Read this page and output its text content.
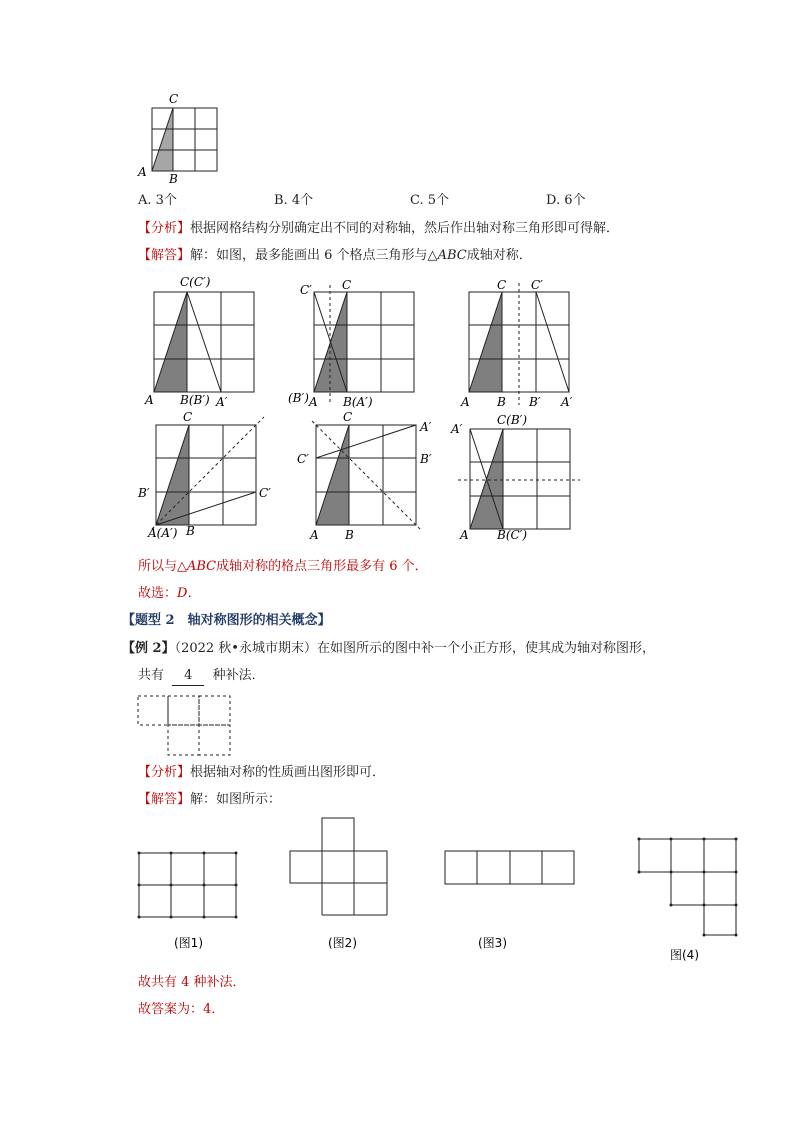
C
A B
A. 3个	B. 4个	C. 5个	D. 6个
【分析】根据网格结构分别确定出不同的对称轴，然后作出轴对称三角形即可得解．
【解答】解：如图，最多能画出 6 个格点三角形与△ABC成轴对称．
C(C′)
A B(B′) A′
C′	C
(B′) A B(A′)
C C′
A B B′ A′
C
B′	C′
A(A′) B
C
A′
C′	B′
A B
A′
C(B′)
A B(C′)
所以与△ABC成轴对称的格点三角形最多有 6 个．
故选：D．
【题型 2　轴对称图形的相关概念】
【例 2】（2022 秋•永城市期末）在如图所示的图中补一个小正方形，使其成为轴对称图形，
共有 4 种补法．
【分析】根据轴对称的性质画出图形即可．
【解答】解：如图所示：
(图1)	(图2)	(图3)
图(4)
故共有 4 种补法．
故答案为：4．
